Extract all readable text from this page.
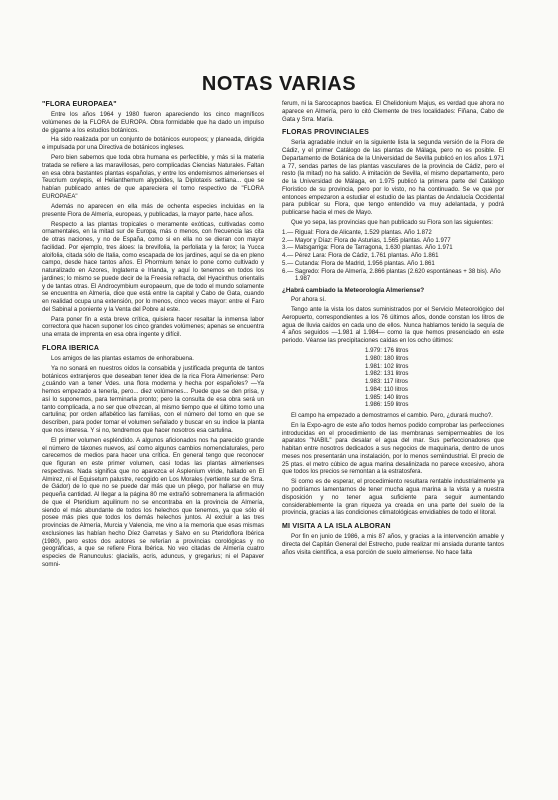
NOTAS VARIAS
"FLORA EUROPAEA"

Entre los años 1964 y 1980 fueron apareciendo los cinco magníficos volúmenes de la FLORA de EUROPA. Obra formidable que ha dado un impulso de gigante a los estudios botánicos.

Ha sido realizada por un conjunto de botánicos europeos; y planeada, dirigida e impulsada por una Directiva de botánicos ingleses.

Pero bien sabemos que toda obra humana es perfectible, y más si la materia tratada se refiere a las maravillosas, pero complicadas Ciencias Naturales. Faltan en esa obra bastantes plantas españolas, y entre los endemismos almerienses el Teucrium oxylepis, el Helianthemum alypoides, la Diplotaxis settiana... que se habían publicado antes de que apareciera el tomo respectivo de "FLORA EUROPAEA"

Además no aparecen en ella más de ochenta especies incluidas en la presente Flora de Almería, europeas, y publicadas, la mayor parte, hace años.

Respecto a las plantas tropicales o meramente exóticas, cultivadas como ornamentales, en la mitad sur de Europa, más o menos, con frecuencia las cita de otras naciones, y no de España, como si en ella no se dieran con mayor facilidad. Por ejemplo, tres áloes: la brevifolia, la perfoliata y la ferox; la Yucca aloifolia, citada sólo de Italia, como escapada de los jardines, aquí se da en pleno campo, desde hace tantos años. El Phormium tenax lo pone como cultivado y naturalizado en Azores, Inglaterra e Irlanda, y aquí lo tenemos en todos los jardines; lo mismo se puede decir de la Freesia refracta, del Hyacinthus orientalis y de tantas otras. El Androcymbium europaeum, que de todo el mundo solamente se encuentra en Almería, dice que está entre la capital y Cabo de Gata, cuando en realidad ocupa una extensión, por lo menos, cinco veces mayor: entre el Faro del Sabinal a poniente y la Venta del Pobre al este.

Para poner fin a esta breve crítica, quisiera hacer resaltar la inmensa labor correctora que hacen suponer los cinco grandes volúmenes; apenas se encuentra una errata de imprenta en esa obra ingente y difícil.

FLORA IBERICA

Los amigos de las plantas estamos de enhorabuena.

Ya no sonará en nuestros oídos la consabida y justificada pregunta de tantos botánicos extranjeros que deseaban tener idea de la rica Flora Almeriense: Pero ¿cuándo van a tener Vdes. una flora moderna y hecha por españoles? —Ya hemos empezado a tenerla, pero... diez volúmenes... Puede que se den prisa, y así lo suponemos, para terminarla pronto; pero la consulta de esa obra será un tanto complicada, a no ser que ofrezcan, al mismo tiempo que el último tomo una cartulina; por orden alfabético las familias, con el número del tomo en que se describen, para poder tomar el volumen señalado y buscar en su índice la planta que nos interesa. Y si no, tendremos que hacer nosotros esa cartulina.

El primer volumen espléndido. A algunos aficionados nos ha parecido grande el número de táxones nuevos, así como algunos cambios nomenclaturales, pero carecemos de medios para hacer una crítica. En general tengo que reconocer que figuran en este primer volumen, casi todas las plantas almerienses respectivas. Nada significa que no aparezca el Asplenium viride, hallado en El Almirez, ni el Equisetum palustre, recogido en Los Morales (vertiente sur de Srra. de Gádor) de lo que no se puede dar más que un pliego, por hallarse en muy pequeña cantidad. Al llegar a la página 80 me extrañó sobremanera la afirmación de que el Pteridium aquilinum no se encontraba en la provincia de Almería, siendo el más abundante de todos los helechos que tenemos, ya que sólo él posee más pies que todos los demás helechos juntos. Al excluir a las tres provincias de Almería, Murcia y Valencia, me vino a la memoria que esas mismas exclusiones las habían hecho Díez Garretas y Salvo en su Pteridoflora Ibérica (1980), pero estos dos autores se referían a provincias corológicas y no geográficas, a que se refiere Flora Ibérica. No veo citadas de Almería cuatro especies de Ranunculus: glacialis, acris, aduncus, y gregarius; ni el Papaver somni-

ferum, ni la Sarcocapnos baetica. El Chelidonium Majus, es verdad que ahora no aparece en Almería, pero lo citó Clemente de tres localidades: Fiñana, Cabo de Gata y Srra. María.

FLORAS PROVINCIALES

Sería agradable incluir en la siguiente lista la segunda versión de la Flora de Cádiz, y el primer Catálogo de las plantas de Málaga, pero no es posible. El Departamento de Botánica de la Universidad de Sevilla publicó en los años 1.971 a 77, sendas partes de las plantas vasculares de la provincia de Cádiz, pero el resto (la mitad) no ha salido. A imitación de Sevilla, el mismo departamento, pero de la Universidad de Málaga, en 1.975 publicó la primera parte del Catálogo Florístico de su provincia, pero por lo visto, no ha continuado. Se ve que por entonces empezaron a estudiar el estudio de las plantas de Andalucía Occidental para publicar su Flora, que tengo entendido va muy adelantada, y podrá publicarse hacia el mes de Mayo.

Que yo sepa, las provincias que han publicado su Flora son las siguientes:

1.— Rigual: Flora de Alicante, 1.529 plantas. Año 1.872
2.— Mayor y Díaz: Flora de Asturias, 1.565 plantas. Año 1.977
3.— Matsgarriga: Flora de Tarragona, 1.630 plantas. Año 1.971
4.— Pérez Lara: Flora de Cádiz, 1.761 plantas. Año 1.861
5.— Cutanda: Flora de Madrid, 1.956 plantas. Año 1.861
6.— Sagredo: Flora de Almería, 2.866 plantas (2.620 espontáneas + 38 bis). Año 1.987
¿Habrá cambiado la Meteorología Almeriense?

Por ahora sí.

Tengo ante la vista los datos suministrados por el Servicio Meteorológico del Aeropuerto, correspondientes a los 76 últimos años, donde constan los litros de agua de lluvia caídos en cada uno de ellos. Nunca hablamos tenido la sequía de 4 años seguidos —1.981 al 1.984— como la que hemos presenciado en este periodo. Véanse las precipitaciones caídas en los ocho últimos:

1.979: 176 litros
1.980: 180 litros
1.981: 102 litros
1.982: 131 litros
1.983: 117 litros
1.984: 110 litros
1.985: 140 litros
1.986: 159 litros

El campo ha empezado a demostrarnos el cambio. Pero, ¿durará mucho?.

En la Expo-agro de este año todos hemos podido comprobar las perfecciones introducidas en el procedimiento de las membranas semipermeables de los aparatos "NABIL" para desalar el agua del mar. Sus perfeccionadores que habitan entre nosotros dedicados a sus negocios de maquinaria, dentro de unos meses nos presentarán una instalación, por lo menos semiindustrial. El precio de 25 ptas. el metro cúbico de agua marina desalinizada no parece excesivo, ahora que todos los precios se remontan a la estratosfera.

Si como es de esperar, el procedimiento resultara rentable industrialmente ya no podríamos lamentarnos de tener mucha agua marina a la vista y a nuestra disposición y no tener agua suficiente para seguir aumentando considerablemente la gran riqueza ya creada en una parte del suelo de la provincia, gracias a las condiciones climatológicas envidiables de todo el litoral.

MI VISITA A LA ISLA ALBORAN

Por fin en junio de 1986, a mis 87 años, y gracias a la intervención amable y directa del Capitán General del Estrecho, pude realizar mi ansiada durante tantos años visita científica, a esa porción de suelo almeriense. No hace falta
